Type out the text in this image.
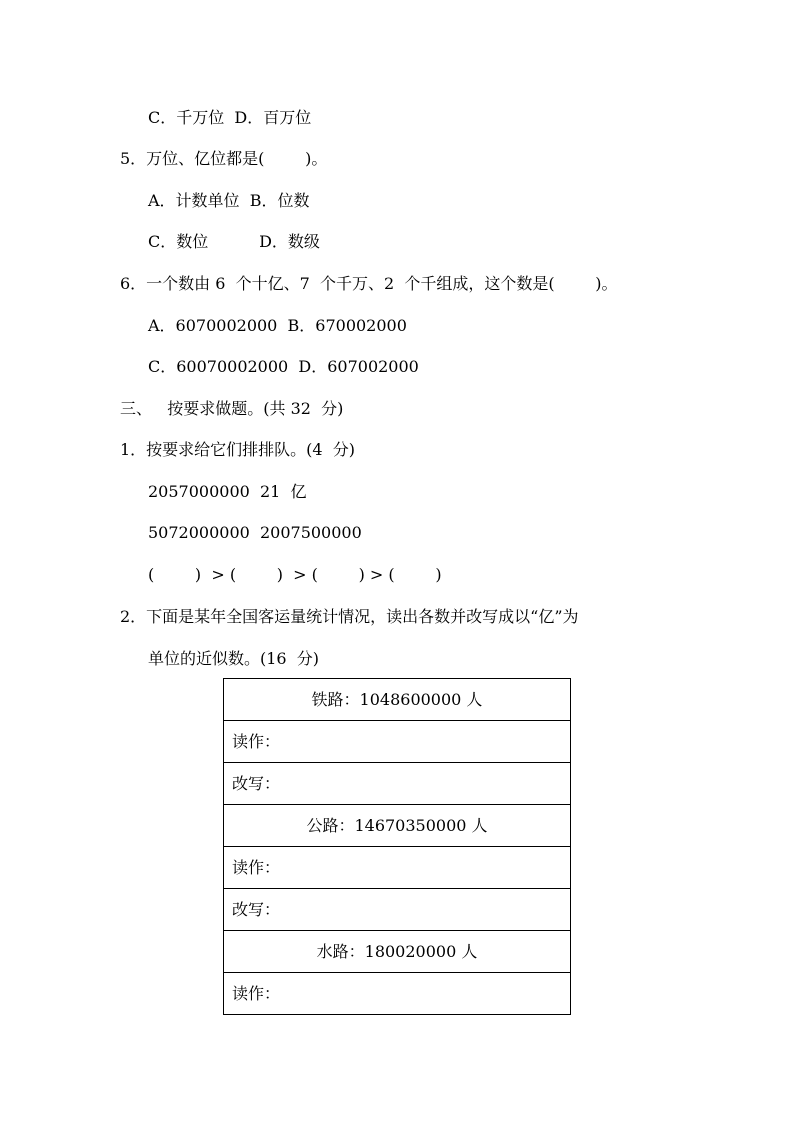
C．千万位  D．百万位
5．万位、亿位都是(        )。
A．计数单位  B．位数
C．数位          D．数级
6．一个数由 6  个十亿、7  个千万、2  个千组成，这个数是(        )。
A．6070002000  B．670002000
C．60070002000  D．607002000
三、   按要求做题。(共 32  分)
1．按要求给它们排排队。(4  分)
2057000000  21  亿
5072000000  2007500000
(        )  > (        )  > (        ) > (        )
2．下面是某年全国客运量统计情况，读出各数并改写成以“亿”为
单位的近似数。(16  分)
铁路：1048600000 人
读作：
改写：
公路：14670350000 人
读作：
改写：
水路：180020000 人
读作：
